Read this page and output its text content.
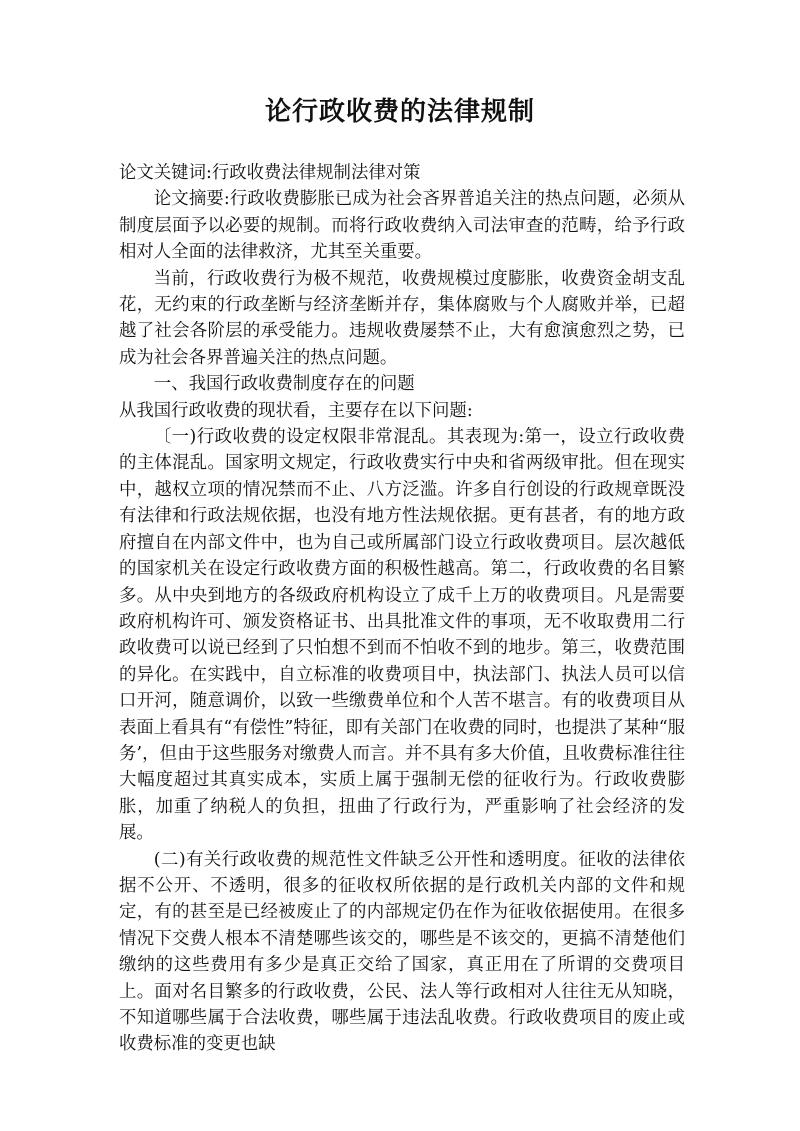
论行政收费的法律规制

论文关键词:行政收费法律规制法律对策

论文摘要:行政收费膨胀已成为社会吝界普追关注的热点问题，必须从制度层面予以必要的规制。而将行政收费纳入司法审查的范畴，给予行政相对人全面的法律救济，尤其至关重要。

当前，行政收费行为极不规范，收费规模过度膨胀，收费资金胡支乱花，无约束的行政垄断与经济垄断并存，集体腐败与个人腐败并举，已超越了社会各阶层的承受能力。违规收费屡禁不止，大有愈演愈烈之势，已成为社会各界普遍关注的热点问题。

一、我国行政收费制度存在的问题

从我国行政收费的现状看，主要存在以下问题:

〔一)行政收费的设定权限非常混乱。其表现为:第一，设立行政收费的主体混乱。国家明文规定，行政收费实行中央和省两级审批。但在现实中，越权立项的情况禁而不止、八方泛滥。许多自行创设的行政规章既没有法律和行政法规依据，也没有地方性法规依据。更有甚者，有的地方政府擅自在内部文件中，也为自己或所属部门设立行政收费项目。层次越低的国家机关在设定行政收费方面的积极性越高。第二，行政收费的名目繁多。从中央到地方的各级政府机构设立了成千上万的收费项目。凡是需要政府机构许可、颁发资格证书、出具批准文件的事项，无不收取费用二行政收费可以说已经到了只怕想不到而不怕收不到的地步。第三，收费范围的异化。在实践中，自立标准的收费项目中，执法部门、执法人员可以信口开河，随意调价，以致一些缴费单位和个人苦不堪言。有的收费项目从表面上看具有“有偿性”特征，即有关部门在收费的同时，也提洪了某种“服务’，但由于这些服务对缴费人而言。并不具有多大价值，且收费标准往往大幅度超过其真实成本，实质上属于强制无偿的征收行为。行政收费膨胀，加重了纳税人的负担，扭曲了行政行为，严重影响了社会经济的发展。

(二)有关行政收费的规范性文件缺乏公开性和透明度。征收的法律依据不公开、不透明，很多的征收权所依据的是行政机关内部的文件和规定，有的甚至是已经被废止了的内部规定仍在作为征收依据使用。在很多情况下交费人根本不清楚哪些该交的，哪些是不该交的，更搞不清楚他们缴纳的这些费用有多少是真正交给了国家，真正用在了所谓的交费项目上。面对名目繁多的行政收费，公民、法人等行政相对人往往无从知晓，不知道哪些属于合法收费，哪些属于违法乱收费。行政收费项目的废止或收费标准的变更也缺
